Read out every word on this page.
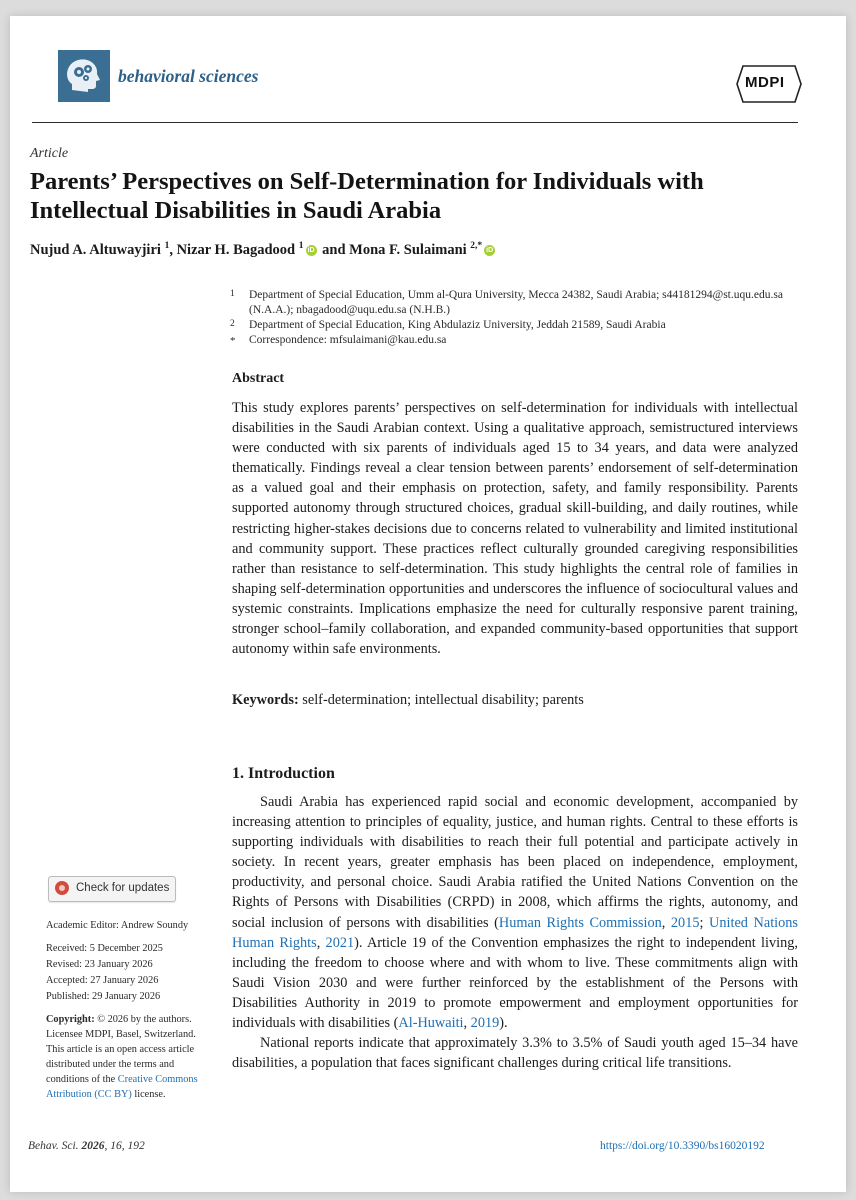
behavioral sciences	MDPI
Article
Parents’ Perspectives on Self-Determination for Individuals with Intellectual Disabilities in Saudi Arabia
Nujud A. Altuwayjiri $^1$, Nizar H. Bagadood $^1$ iD and Mona F. Sulaimani $^{2,*}$ iD
1 Department of Special Education, Umm al-Qura University, Mecca 24382, Saudi Arabia; s44181294@st.uqu.edu.sa (N.A.A.); nbagadood@uqu.edu.sa (N.H.B.)
2 Department of Special Education, King Abdulaziz University, Jeddah 21589, Saudi Arabia
* Correspondence: mfsulaimani@kau.edu.sa
Abstract
This study explores parents’ perspectives on self-determination for individuals with intellectual disabilities in the Saudi Arabian context. Using a qualitative approach, semistructured interviews were conducted with six parents of individuals aged 15 to 34 years, and data were analyzed thematically. Findings reveal a clear tension between parents’ endorsement of self-determination as a valued goal and their emphasis on protection, safety, and family responsibility. Parents supported autonomy through structured choices, gradual skill-building, and daily routines, while restricting higher-stakes decisions due to concerns related to vulnerability and limited institutional and community support. These practices reflect culturally grounded caregiving responsibilities rather than resistance to self-determination. This study highlights the central role of families in shaping self-determination opportunities and underscores the influence of sociocultural values and systemic constraints. Implications emphasize the need for culturally responsive parent training, stronger school–family collaboration, and expanded community-based opportunities that support autonomy within safe environments.
Keywords: self-determination; intellectual disability; parents
1. Introduction

Saudi Arabia has experienced rapid social and economic development, accompanied by increasing attention to principles of equality, justice, and human rights. Central to these efforts is supporting individuals with disabilities to reach their full potential and participate actively in society. In recent years, greater emphasis has been placed on independence, employment, productivity, and personal choice. Saudi Arabia ratified the United Nations Convention on the Rights of Persons with Disabilities (CRPD) in 2008, which affirms the rights, autonomy, and social inclusion of persons with disabilities (Human Rights Commission, 2015; United Nations Human Rights, 2021). Article 19 of the Convention emphasizes the right to independent living, including the freedom to choose where and with whom to live. These commitments align with Saudi Vision 2030 and were further reinforced by the establishment of the Persons with Disabilities Authority in 2019 to promote empowerment and employment opportunities for individuals with disabilities (Al-Huwaiti, 2019).

National reports indicate that approximately 3.3% to 3.5% of Saudi youth aged 15–34 have disabilities, a population that faces significant challenges during critical life transitions.

Check for updates
Academic Editor: Andrew Soundy
Received: 5 December 2025
Revised: 23 January 2026
Accepted: 27 January 2026
Published: 29 January 2026
Copyright: © 2026 by the authors. Licensee MDPI, Basel, Switzerland. This article is an open access article distributed under the terms and conditions of the Creative Commons Attribution (CC BY) license.
Behav. Sci. 2026, 16, 192	https://doi.org/10.3390/bs16020192
